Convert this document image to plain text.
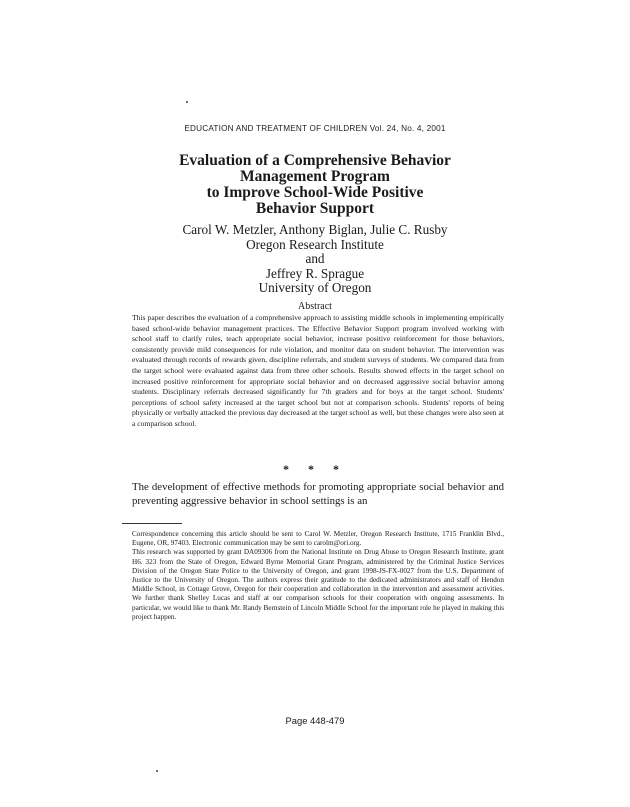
EDUCATION AND TREATMENT OF CHILDREN Vol. 24, No. 4, 2001
Evaluation of a Comprehensive Behavior
Management Program
to Improve School-Wide Positive
Behavior Support
Carol W. Metzler, Anthony Biglan, Julie C. Rusby
Oregon Research Institute
and
Jeffrey R. Sprague
University of Oregon
Abstract
This paper describes the evaluation of a comprehensive approach to assisting middle schools in implementing empirically based school-wide behavior management practices. The Effective Behavior Support program involved working with school staff to clarify rules, teach appropriate social behavior, increase positive reinforcement for those behaviors, consistently provide mild consequences for rule violation, and monitor data on student behavior. The intervention was evaluated through records of rewards given, discipline referrals, and student surveys of students. We compared data from the target school were evaluated against data from three other schools. Results showed effects in the target school on increased positive reinforcement for appropriate social behavior and on decreased aggressive social behavior among students. Disciplinary referrals decreased significantly for 7th graders and for boys at the target school. Students' perceptions of school safety increased at the target school but not at comparison schools. Students' reports of being physically or verbally attacked the previous day decreased at the target school as well, but these changes were also seen at a comparison school.
* * *
The development of effective methods for promoting appropriate social behavior and preventing aggressive behavior in school settings is an

Correspondence concerning this article should be sent to Carol W. Metzler, Oregon Research Institute, 1715 Franklin Blvd., Eugene, OR, 97403. Electronic communication may be sent to carolm@ori.org.

This research was supported by grant DA09306 from the National Institute on Drug Abuse to Oregon Research Institute, grant H6. 323 from the State of Oregon, Edward Byrne Memorial Grant Program, administered by the Criminal Justice Services Division of the Oregon State Police to the University of Oregon, and grant 1998-JS-FX-0027 from the U.S. Department of Justice to the University of Oregon. The authors express their gratitude to the dedicated administrators and staff of Hendon Middle School, in Cottage Grove, Oregon for their cooperation and collaboration in the intervention and assessment activities. We further thank Shelley Lucas and staff at our comparison schools for their cooperation with ongoing assessments. In particular, we would like to thank Mr. Randy Bernstein of Lincoln Middle School for the important role he played in making this project happen.

Page 448-479
